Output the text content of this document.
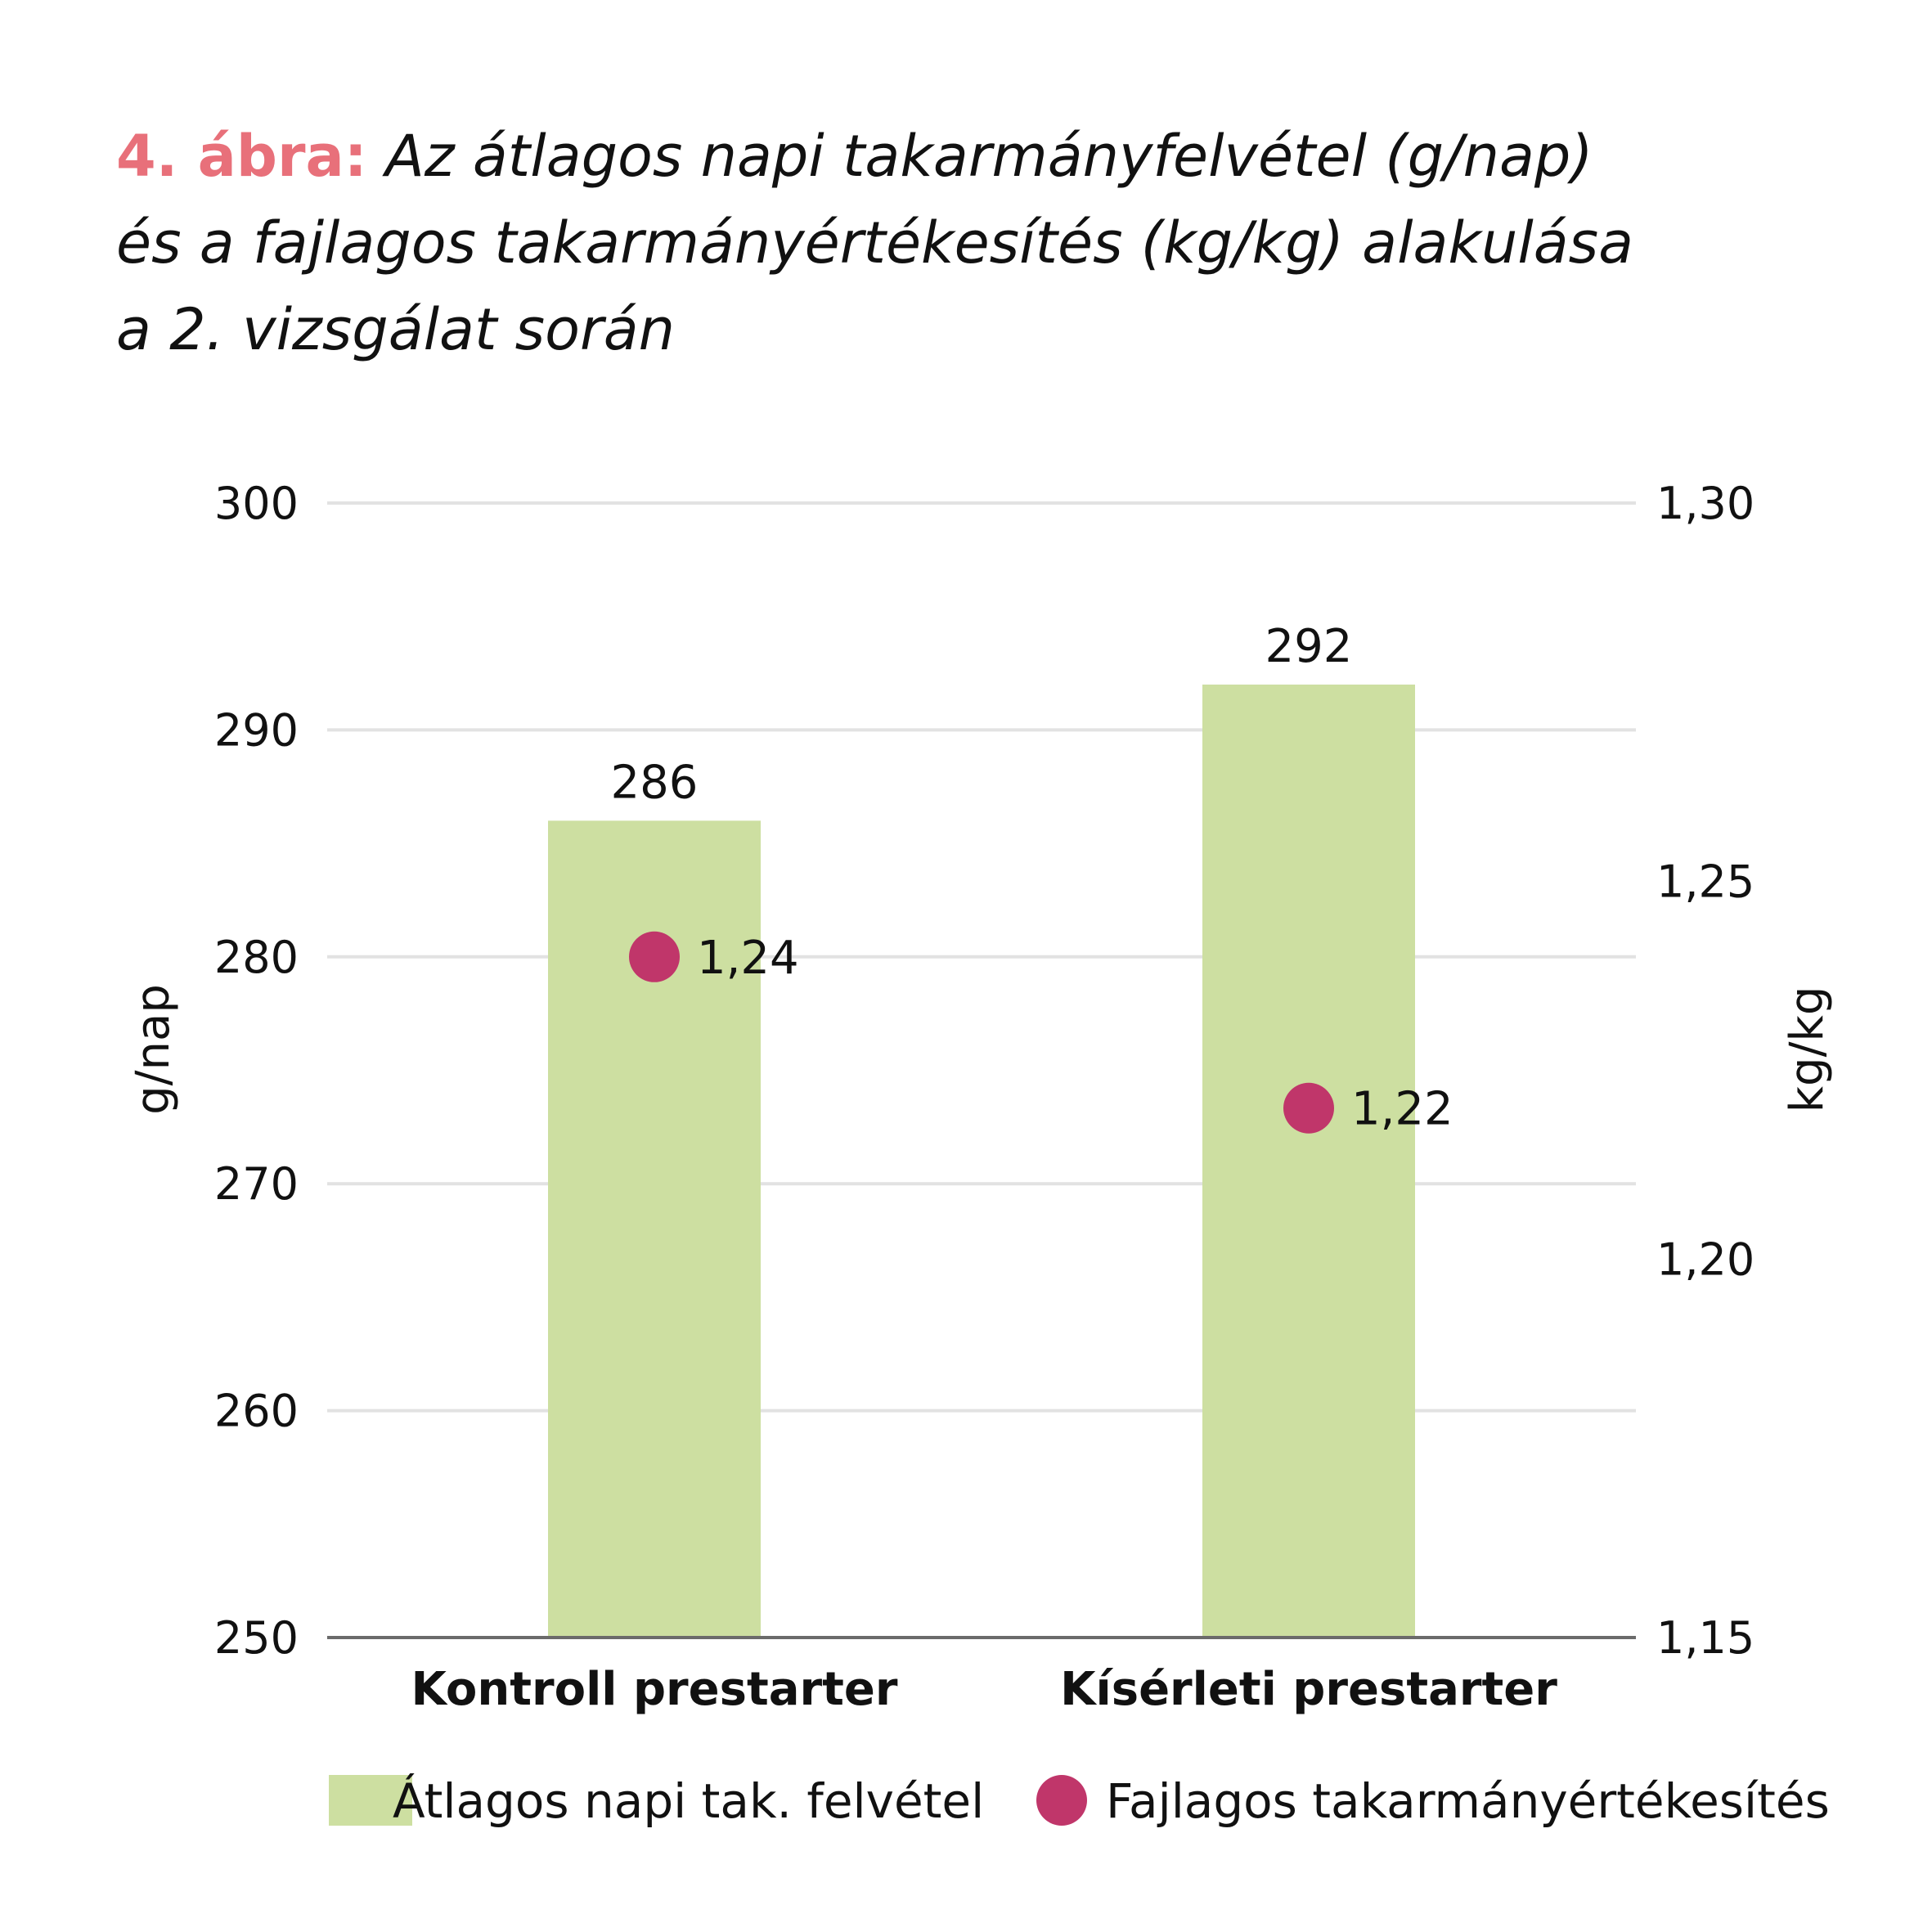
4. ábra: Az átlagos napi takarmányfelvétel (g/nap)
és a fajlagos takarmányértékesítés (kg/kg) alakulása
a 2. vizsgálat során
250
260
270
280
290
300
1,15
1,20
1,25
1,30
g/nap	kg/kg
286
Kontroll prestarter
292
Kísérleti prestarter
1,24
1,22
Átlagos napi tak. felvétel	Fajlagos takarmányértékesítés
